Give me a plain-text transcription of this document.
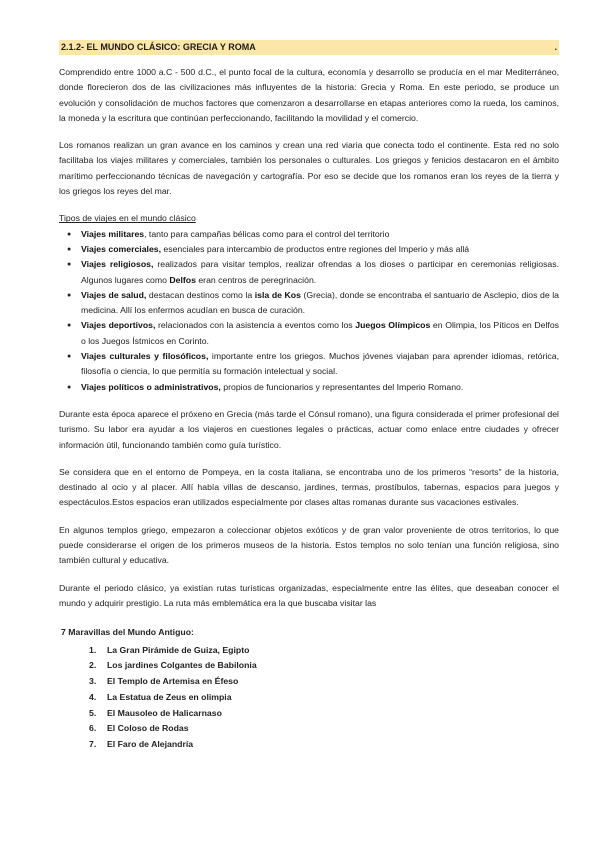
2.1.2- EL MUNDO CLÁSICO: GRECIA Y ROMA	.

Comprendido entre 1000 a.C - 500 d.C., el punto focal de la cultura, economía y desarrollo se producía en el mar Mediterráneo, donde florecieron dos de las civilizaciones más influyentes de la historia: Grecia y Roma. En este periodo, se produce un evolución y consolidación de muchos factores que comenzaron a desarrollarse en etapas anteriores como la rueda, los caminos, la moneda y la escritura que continúan perfeccionando, facilitando la movilidad y el comercio.

Los romanos realizan un gran avance en los caminos y crean una red viaria que conecta todo el continente. Esta red no solo facilitaba los viajes militares y comerciales, también los personales o culturales. Los griegos y fenicios destacaron en el ámbito marítimo perfeccionando técnicas de navegación y cartografía. Por eso se decide que los romanos eran los reyes de la tierra y los griegos los reyes del mar.

Tipos de viajes en el mundo clásico

● Viajes militares, tanto para campañas bélicas como para el control del territorio
● Viajes comerciales, esenciales para intercambio de productos entre regiones del Imperio y más allá
● Viajes religiosos, realizados para visitar templos, realizar ofrendas a los dioses o participar en ceremonias religiosas. Algunos lugares como Delfos eran centros de peregrinación.
● Viajes de salud, destacan destinos como la isla de Kos (Grecia), donde se encontraba el santuario de Asclepio, dios de la medicina. Allí los enfermos acudían en busca de curación.
● Viajes deportivos, relacionados con la asistencia a eventos como los Juegos Olímpicos en Olimpia, los Píticos en Delfos o los Juegos Ístmicos en Corinto.
● Viajes culturales y filosóficos, importante entre los griegos. Muchos jóvenes viajaban para aprender idiomas, retórica, filosofía o ciencia, lo que permitía su formación intelectual y social.
● Viajes políticos o administrativos, propios de funcionarios y representantes del Imperio Romano.

Durante esta época aparece el próxeno en Grecia (más tarde el Cónsul romano), una figura considerada el primer profesional del turismo. Su labor era ayudar a los viajeros en cuestiones legales o prácticas, actuar como enlace entre ciudades y ofrecer información útil, funcionando también como guía turístico.

Se considera que en el entorno de Pompeya, en la costa italiana, se encontraba uno de los primeros “resorts” de la historia, destinado al ocio y al placer. Allí había villas de descanso, jardines, termas, prostíbulos, tabernas, espacios para juegos y espectáculos.Estos espacios eran utilizados especialmente por clases altas romanas durante sus vacaciones estivales.

En algunos templos griego, empezaron a coleccionar objetos exóticos y de gran valor proveniente de otros territorios, lo que puede considerarse el origen de los primeros museos de la historia. Estos templos no solo tenían una función religiosa, sino también cultural y educativa.

Durante el periodo clásico, ya existían rutas turísticas organizadas, especialmente entre las élites, que deseaban conocer el mundo y adquirir prestigio. La ruta más emblemática era la que buscaba visitar las

7 Maravillas del Mundo Antiguo:
1. La Gran Pirámide de Guiza, Egipto
2. Los jardines Colgantes de Babilonia
3. El Templo de Artemisa en Éfeso
4. La Estatua de Zeus en olimpia
5. El Mausoleo de Halicarnaso
6. El Coloso de Rodas
7. El Faro de Alejandría
